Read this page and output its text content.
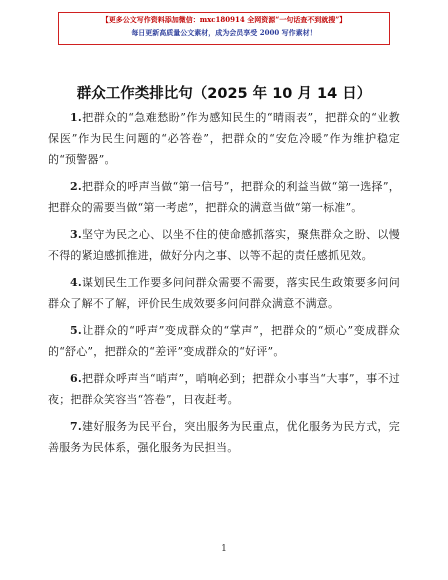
【更多公文写作资料添加微信：mxc180914 全网资源“一句话查不到就搜”】
每日更新高质量公文素材，成为会员享受 2000 写作素材！
群众工作类排比句（2025 年 10 月 14 日）

1.把群众的“急难愁盼”作为感知民生的“晴雨表”，把群众的“业教保医”作为民生问题的“必答卷”，把群众的“安危冷暖”作为维护稳定的“预警器”。

2.把群众的呼声当做“第一信号”，把群众的利益当做“第一选择”，把群众的需要当做“第一考虑”，把群众的满意当做“第一标准”。

3.坚守为民之心、以坐不住的使命感抓落实，聚焦群众之盼、以慢不得的紧迫感抓推进，做好分内之事、以等不起的责任感抓见效。

4.谋划民生工作要多问问群众需要不需要，落实民生政策要多问问群众了解不了解，评价民生成效要多问问群众满意不满意。

5.让群众的“呼声”变成群众的“掌声”，把群众的“烦心”变成群众的“舒心”，把群众的“差评”变成群众的“好评”。

6.把群众呼声当“哨声”，哨响必到；把群众小事当“大事”，事不过夜；把群众笑容当“答卷”，日夜赶考。

7.建好服务为民平台，突出服务为民重点，优化服务为民方式，完善服务为民体系，强化服务为民担当。

1
